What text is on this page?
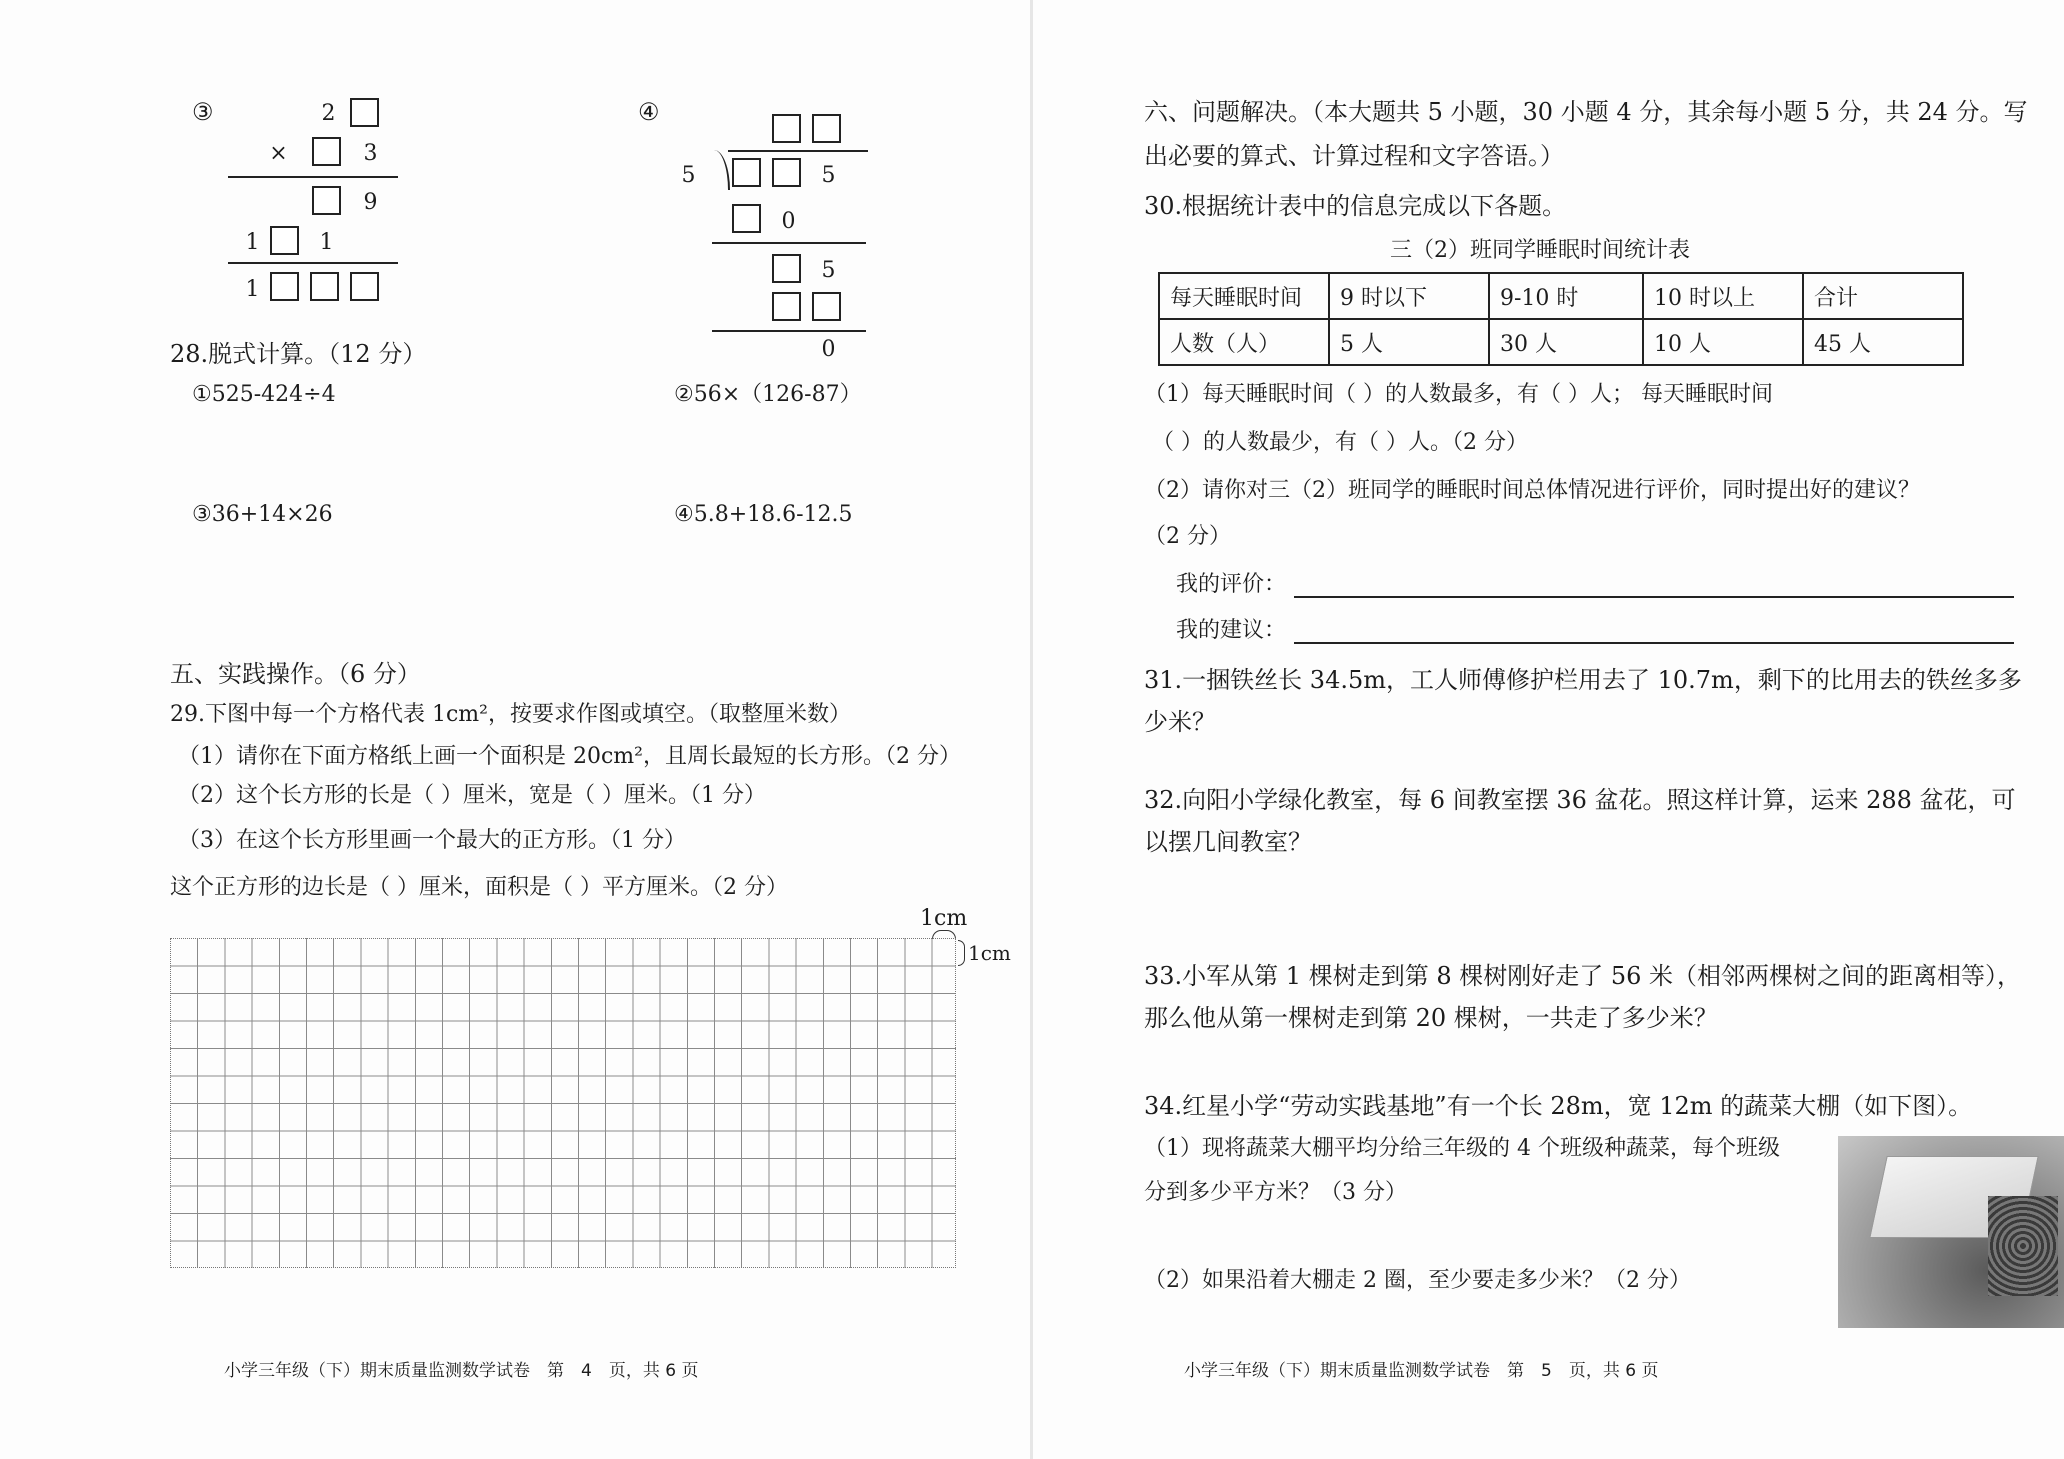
③	2
×	3
9
1	1
1
④
5	5
0
5
0
28.脱式计算。（12 分）
①525-424÷4	②56×（126-87）
③36+14×26	④5.8+18.6-12.5
五、实践操作。（6 分）
29.下图中每一个方格代表 1cm²，按要求作图或填空。（取整厘米数）
（1）请你在下面方格纸上画一个面积是 20cm²，且周长最短的长方形。（2 分）
（2）这个长方形的长是（ ）厘米，宽是（ ）厘米。（1 分）
（3）在这个长方形里画一个最大的正方形。（1 分）
这个正方形的边长是（ ）厘米，面积是（ ）平方厘米。（2 分）
1cm
1cm
小学三年级（下）期末质量监测数学试卷　第　4　页，共 6 页
六、问题解决。（本大题共 5 小题，30 小题 4 分，其余每小题 5 分，共 24 分。写
出必要的算式、计算过程和文字答语。）
30.根据统计表中的信息完成以下各题。
三（2）班同学睡眠时间统计表
每天睡眠时间	9 时以下	9-10 时	10 时以上	合计
人数（人）	5 人	30 人	10 人	45 人
（1）每天睡眠时间（ ）的人数最多，有（ ）人； 每天睡眠时间
（ ）的人数最少，有（ ）人。（2 分）
（2）请你对三（2）班同学的睡眠时间总体情况进行评价，同时提出好的建议？
（2 分）
我的评价：
我的建议：
31.一捆铁丝长 34.5m，工人师傅修护栏用去了 10.7m，剩下的比用去的铁丝多多
少米？
32.向阳小学绿化教室，每 6 间教室摆 36 盆花。照这样计算，运来 288 盆花，可
以摆几间教室？
33.小军从第 1 棵树走到第 8 棵树刚好走了 56 米（相邻两棵树之间的距离相等），
那么他从第一棵树走到第 20 棵树，一共走了多少米？
34.红星小学“劳动实践基地”有一个长 28m，宽 12m 的蔬菜大棚（如下图）。
（1）现将蔬菜大棚平均分给三年级的 4 个班级种蔬菜，每个班级
分到多少平方米？（3 分）
（2）如果沿着大棚走 2 圈，至少要走多少米？（2 分）
小学三年级（下）期末质量监测数学试卷　第　5　页，共 6 页
